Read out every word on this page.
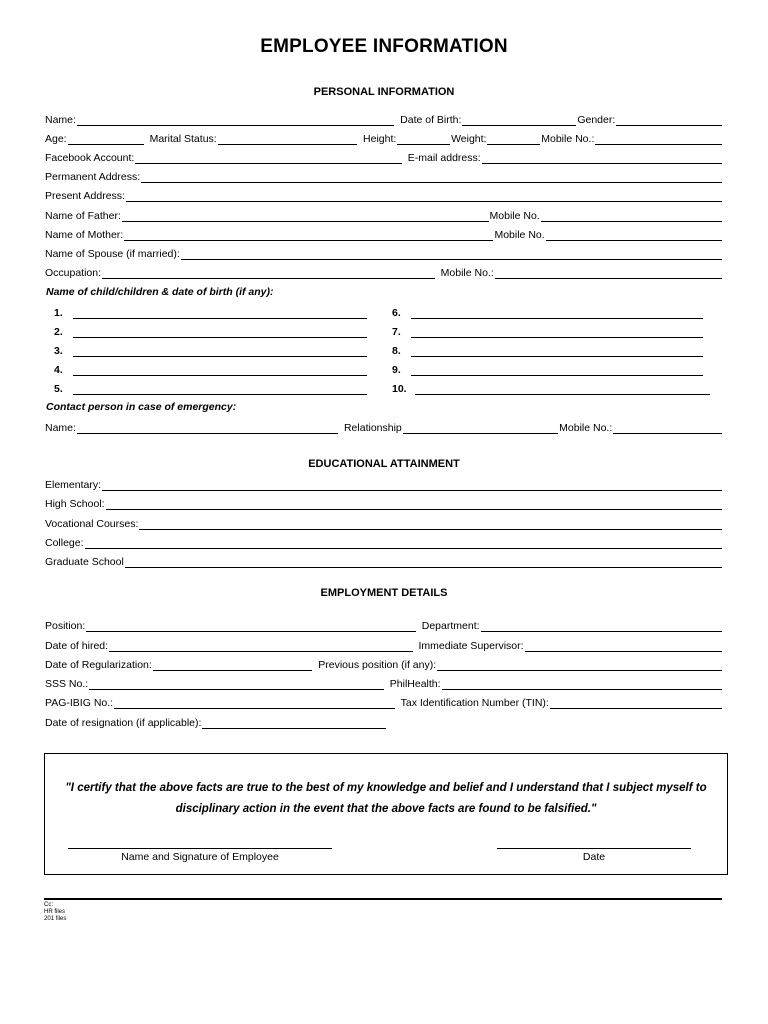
EMPLOYEE INFORMATION
PERSONAL INFORMATION
Name:	Date of Birth:	Gender:
Age:	Marital Status:	Height:	Weight:	Mobile No.:
Facebook Account:	E-mail address:
Permanent Address:
Present Address:
Name of Father:	Mobile No.
Name of Mother:	Mobile No.
Name of Spouse (if married):
Occupation:	Mobile No.:
Name of child/children & date of birth (if any):
1.
2.
3.
4.
5.
6.
7.
8.
9.
10.
Contact person in case of emergency:
Name:	Relationship	Mobile No.:
EDUCATIONAL ATTAINMENT
Elementary:
High School:
Vocational Courses:
College:
Graduate School
EMPLOYMENT DETAILS
Position:	Department:
Date of hired:	Immediate Supervisor:
Date of Regularization:	Previous position (if any):
SSS No.:	PhilHealth:
PAG-IBIG No.:	Tax Identification Number (TIN):
Date of resignation (if applicable):
"I certify that the above facts are true to the best of my knowledge and belief and I understand that I subject myself to disciplinary action in the event that the above facts are found to be falsified."
Name and Signature of Employee	Date
Cc:
HR files
201 files
